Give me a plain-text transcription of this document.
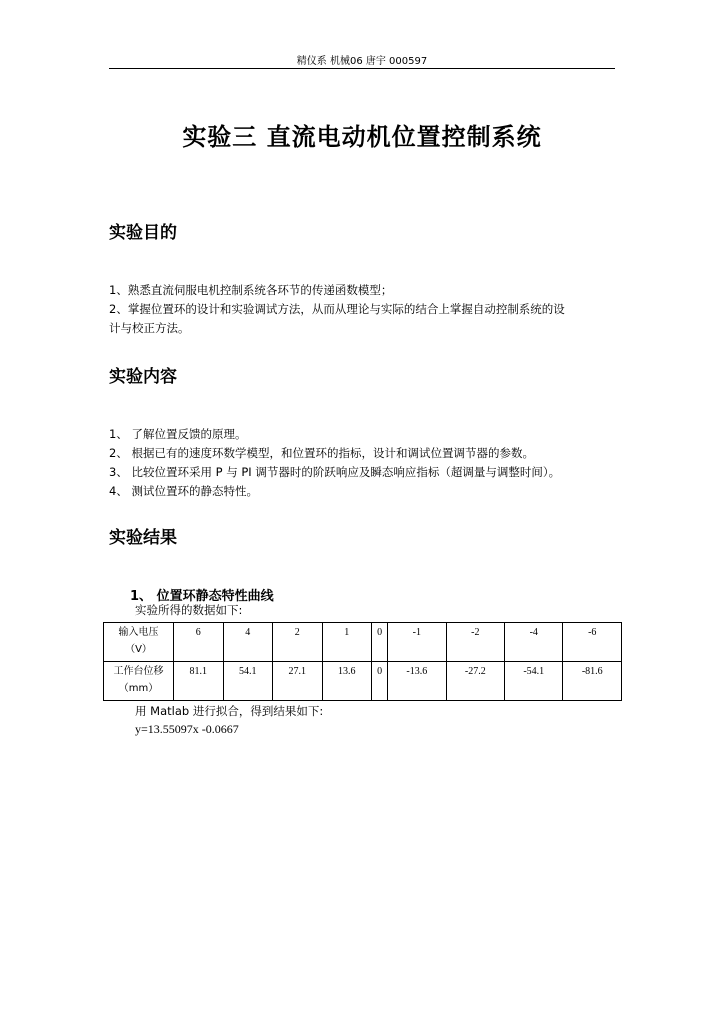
精仪系 机械06 唐宇 000597
实验三 直流电动机位置控制系统
实验目的
1、熟悉直流伺服电机控制系统各环节的传递函数模型；
2、掌握位置环的设计和实验调试方法，从而从理论与实际的结合上掌握自动控制系统的设
计与校正方法。
实验内容
1、 了解位置反馈的原理。
2、 根据已有的速度环数学模型，和位置环的指标，设计和调试位置调节器的参数。
3、 比较位置环采用 P 与 PI 调节器时的阶跃响应及瞬态响应指标（超调量与调整时间）。
4、 测试位置环的静态特性。
实验结果
1、 位置环静态特性曲线
实验所得的数据如下:
输入电压
（V）	6	4	2	1	0	-1	-2	-4	-6
工作台位移
（mm）	81.1	54.1	27.1	13.6	0	-13.6	-27.2	-54.1	-81.6
用 Matlab 进行拟合，得到结果如下:
y=13.55097x -0.0667
